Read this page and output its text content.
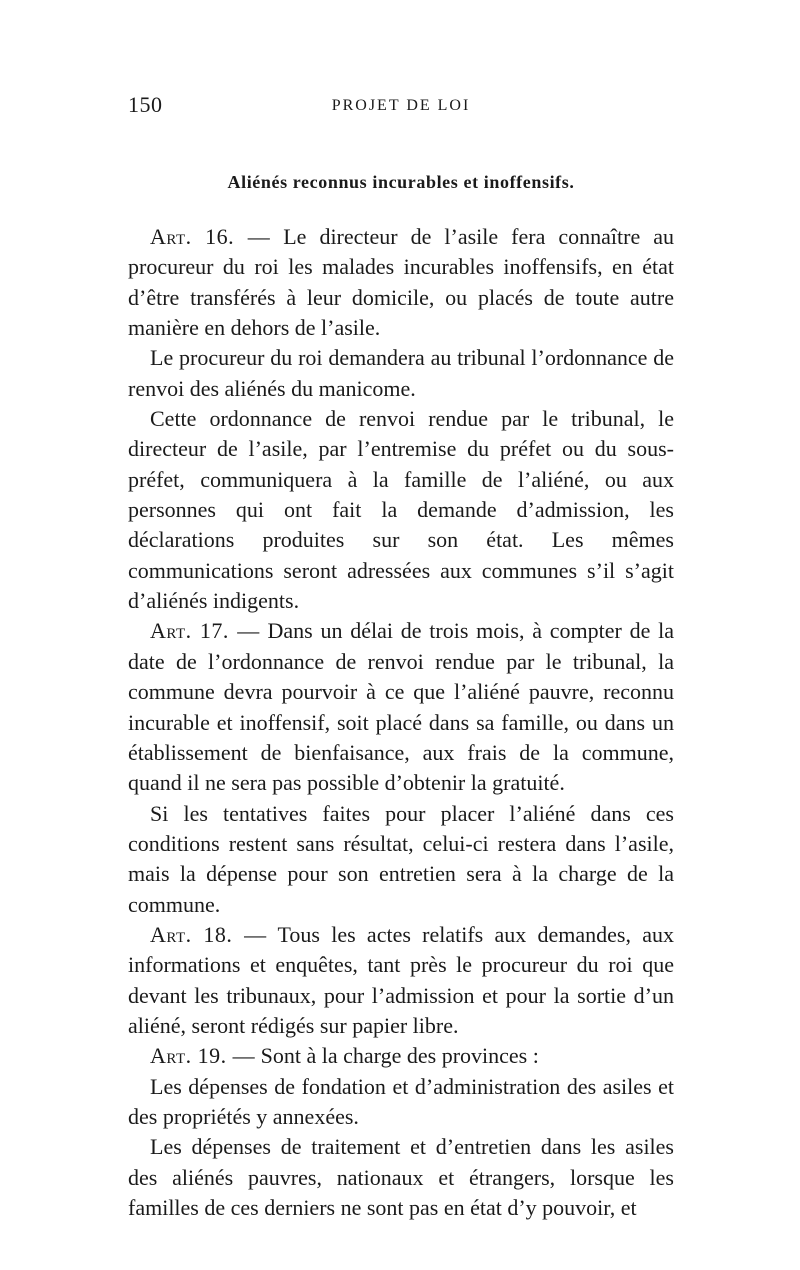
150	PROJET DE LOI
Aliénés reconnus incurables et inoffensifs.

Art. 16. — Le directeur de l’asile fera connaître au procureur du roi les malades incurables inoffensifs, en état d’être transférés à leur domicile, ou placés de toute autre manière en dehors de l’asile.

Le procureur du roi demandera au tribunal l’ordonnance de renvoi des aliénés du manicome.

Cette ordonnance de renvoi rendue par le tribunal, le directeur de l’asile, par l’entremise du préfet ou du sous-préfet, communiquera à la famille de l’aliéné, ou aux personnes qui ont fait la demande d’admission, les déclarations produites sur son état. Les mêmes communications seront adressées aux communes s’il s’agit d’aliénés indigents.

Art. 17. — Dans un délai de trois mois, à compter de la date de l’ordonnance de renvoi rendue par le tribunal, la commune devra pourvoir à ce que l’aliéné pauvre, reconnu incurable et inoffensif, soit placé dans sa famille, ou dans un établissement de bienfaisance, aux frais de la commune, quand il ne sera pas possible d’obtenir la gratuité.

Si les tentatives faites pour placer l’aliéné dans ces conditions restent sans résultat, celui-ci restera dans l’asile, mais la dépense pour son entretien sera à la charge de la commune.

Art. 18. — Tous les actes relatifs aux demandes, aux informations et enquêtes, tant près le procureur du roi que devant les tribunaux, pour l’admission et pour la sortie d’un aliéné, seront rédigés sur papier libre.

Art. 19. — Sont à la charge des provinces :

Les dépenses de fondation et d’administration des asiles et des propriétés y annexées.

Les dépenses de traitement et d’entretien dans les asiles des aliénés pauvres, nationaux et étrangers, lorsque les familles de ces derniers ne sont pas en état d’y pouvoir, et
